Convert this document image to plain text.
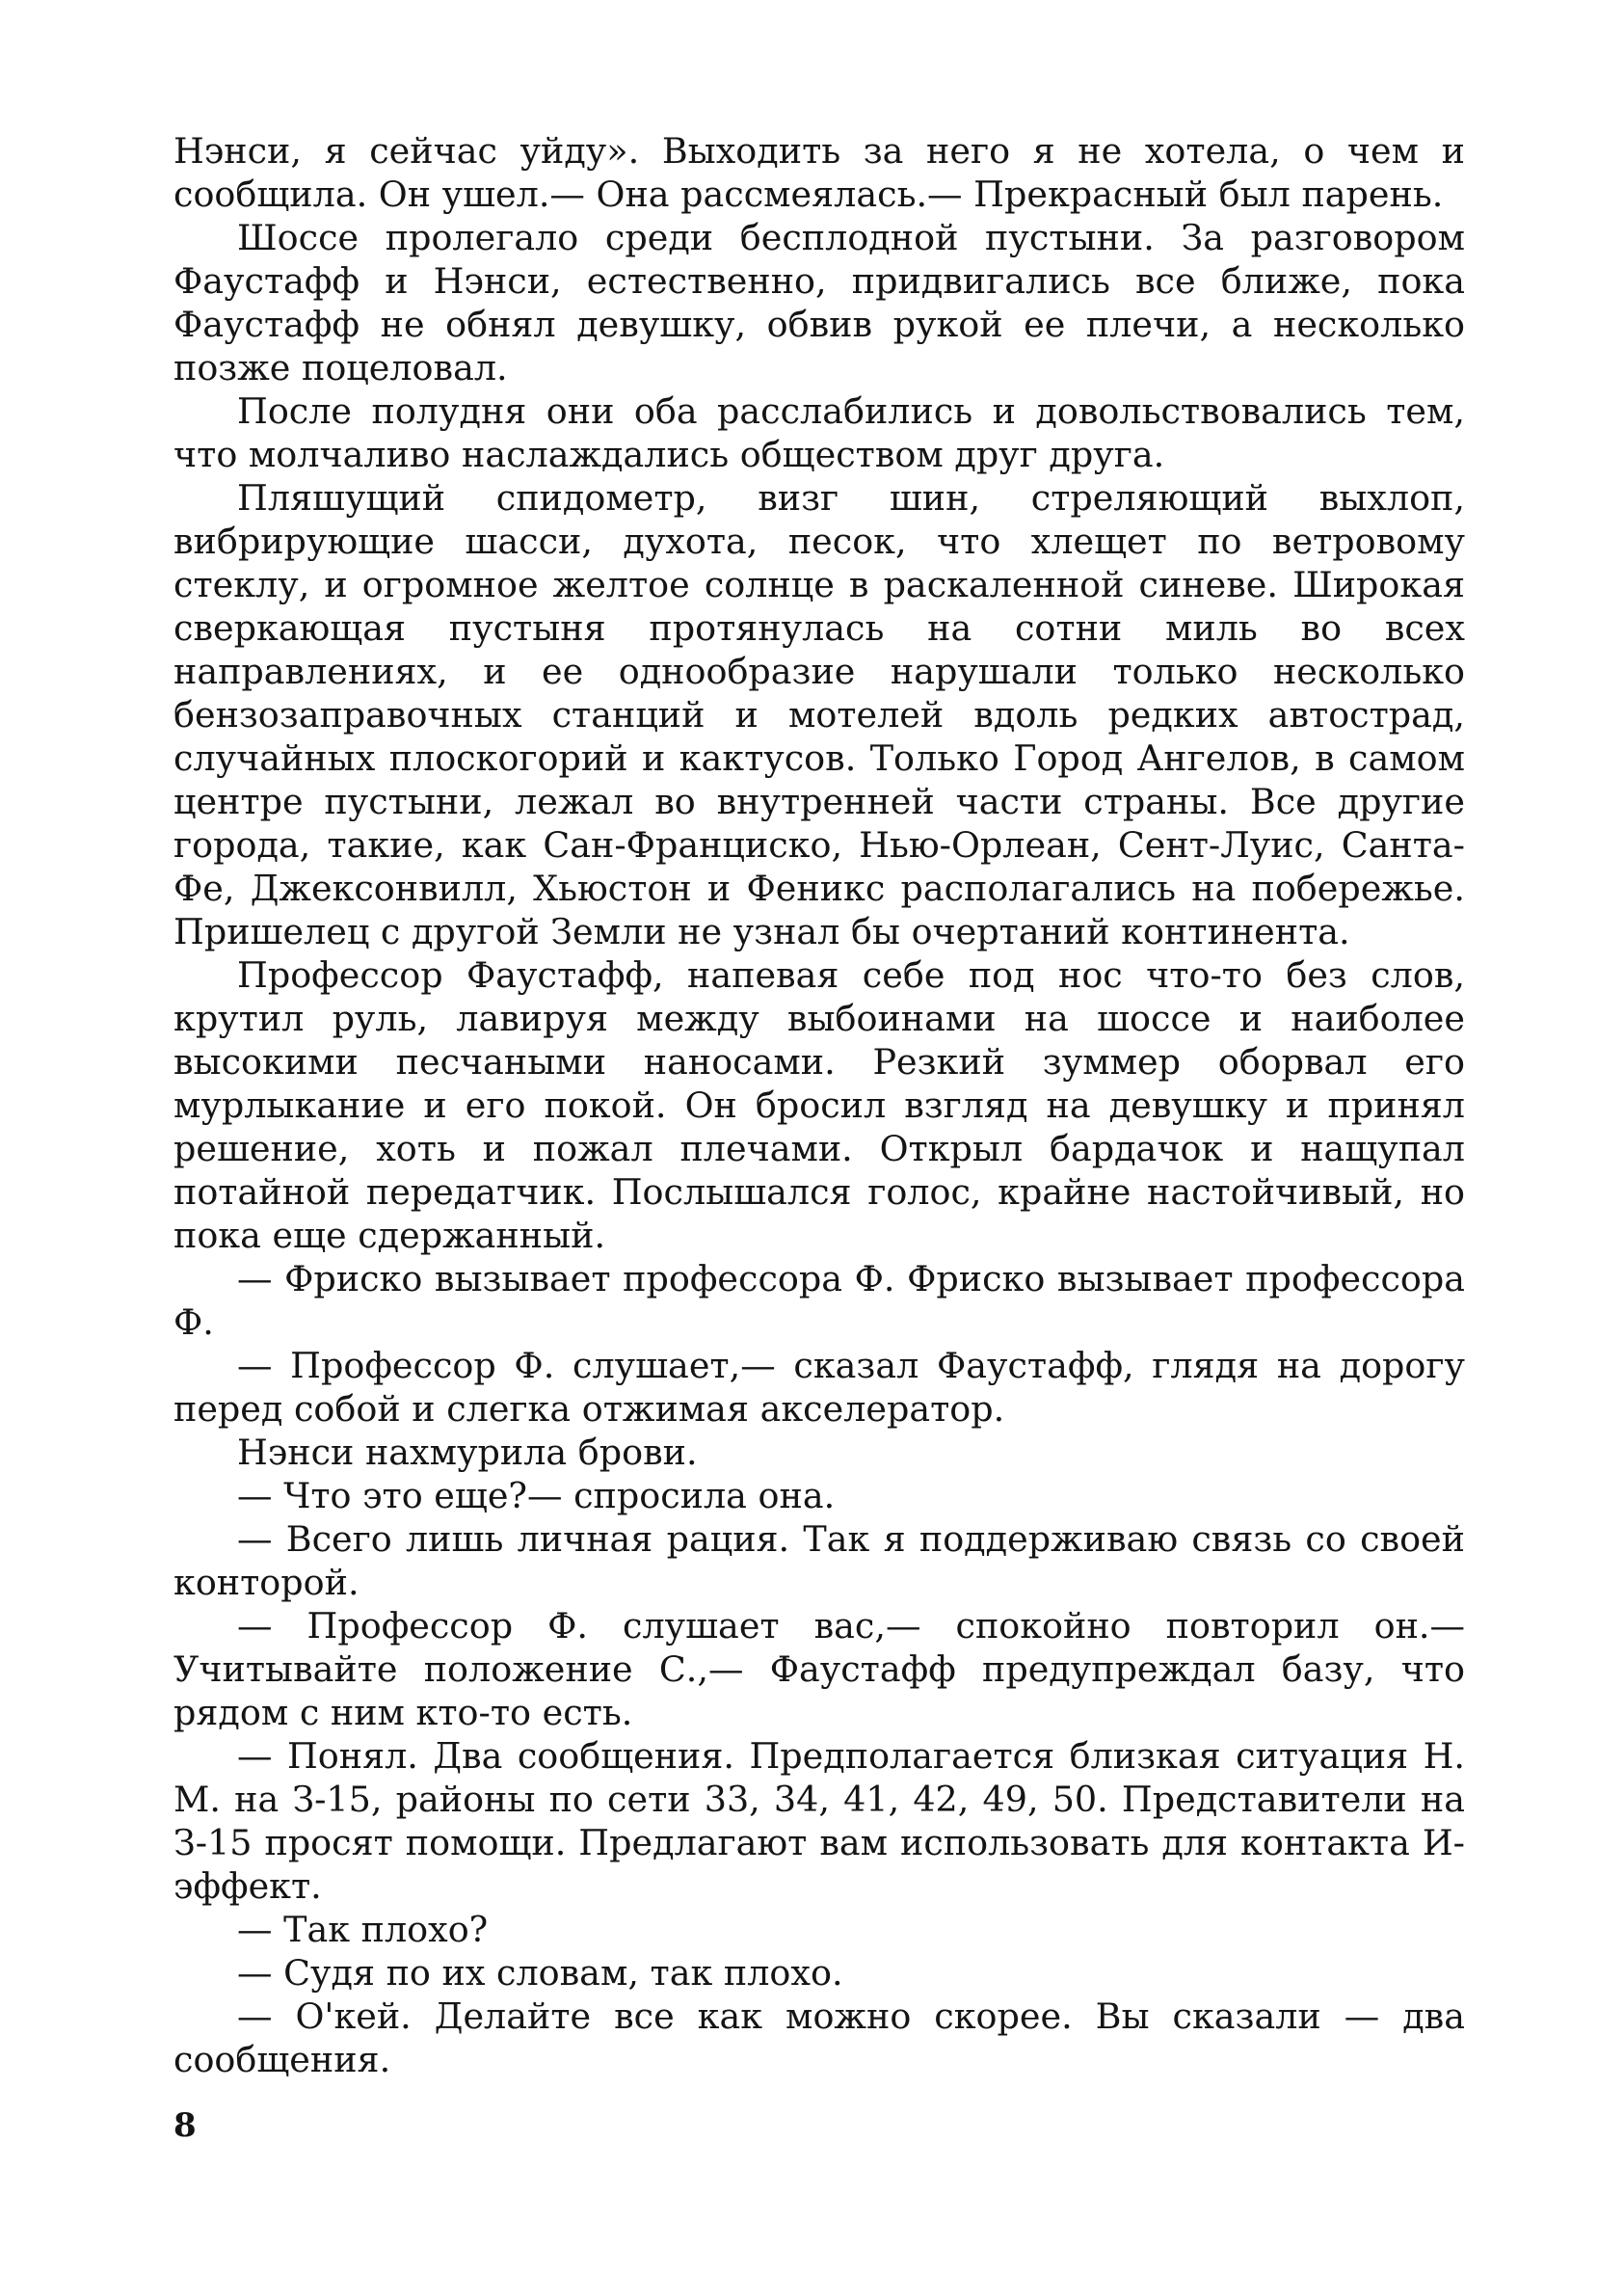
Нэнси, я сейчас уйду». Выходить за него я не хотела, о чем и сообщила. Он ушел.— Она рассмеялась.— Прекрасный был парень.

Шоссе пролегало среди бесплодной пустыни. За разговором Фаустафф и Нэнси, естественно, придвигались все ближе, пока Фаустафф не обнял девушку, обвив рукой ее плечи, а несколько позже поцеловал.

После полудня они оба расслабились и довольствовались тем, что молчаливо наслаждались обществом друг друга.

Пляшущий спидометр, визг шин, стреляющий выхлоп, вибрирующие шасси, духота, песок, что хлещет по ветровому стеклу, и огромное желтое солнце в раскаленной синеве. Широкая сверкающая пустыня протянулась на сотни миль во всех направлениях, и ее однообразие нарушали только несколько бензозаправочных станций и мотелей вдоль редких автострад, случайных плоскогорий и кактусов. Только Город Ангелов, в самом центре пустыни, лежал во внутренней части страны. Все другие города, такие, как Сан-Франциско, Нью-Орлеан, Сент-Луис, Санта-Фе, Джексонвилл, Хьюстон и Феникс располагались на побережье. Пришелец с другой Земли не узнал бы очертаний континента.

Профессор Фаустафф, напевая себе под нос что-то без слов, крутил руль, лавируя между выбоинами на шоссе и наиболее высокими песчаными наносами. Резкий зуммер оборвал его мурлыкание и его покой. Он бросил взгляд на девушку и принял решение, хоть и пожал плечами. Открыл бардачок и нащупал потайной передатчик. Послышался голос, крайне настойчивый, но пока еще сдержанный.

— Фриско вызывает профессора Ф. Фриско вызывает профессора Ф.

— Профессор Ф. слушает,— сказал Фаустафф, глядя на дорогу перед собой и слегка отжимая акселератор.

Нэнси нахмурила брови.

— Что это еще?— спросила она.

— Всего лишь личная рация. Так я поддерживаю связь со своей конторой.

— Профессор Ф. слушает вас,— спокойно повторил он.— Учитывайте положение С.,— Фаустафф предупреждал базу, что рядом с ним кто-то есть.

— Понял. Два сообщения. Предполагается близкая ситуация Н. М. на З-15, районы по сети 33, 34, 41, 42, 49, 50. Представители на З-15 просят помощи. Предлагают вам использовать для контакта И-эффект.

— Так плохо?

— Судя по их словам, так плохо.

— О'кей. Делайте все как можно скорее. Вы сказали — два сообщения.

8
